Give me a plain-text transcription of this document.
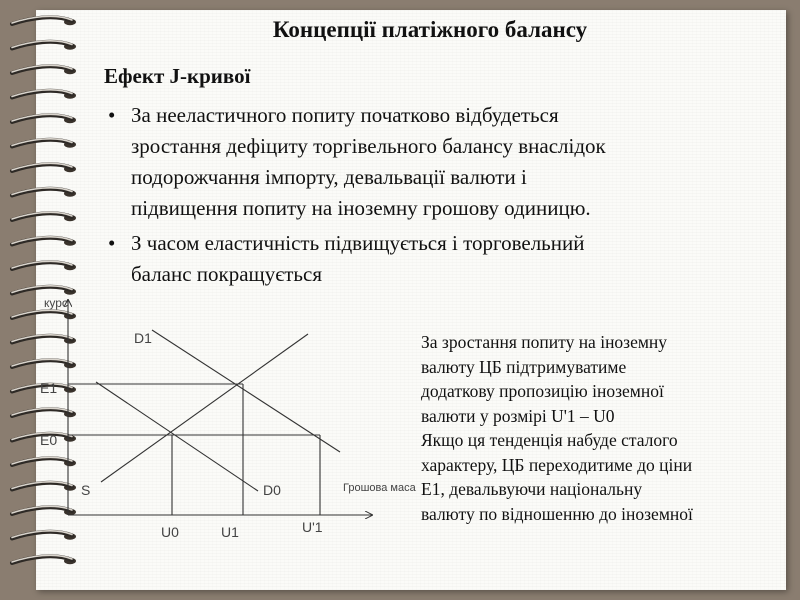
Концепції платіжного балансу
Ефект J-кривої
• За нееластичного попиту початково відбудеться
зростання дефіциту торгівельного балансу внаслідок
подорожчання імпорту, девальвації валюти і
підвищення попиту на іноземну грошову одиницю.
• З часом еластичність підвищується і торговельний
баланс покращується
курс
Грошова маса
D1
D0
S
E1
E0
U0	U1	U'1
За зростання попиту на іноземну
валюту ЦБ підтримуватиме
додаткову пропозицію іноземної
валюти у розмірі U'1 – U0
Якщо ця тенденція набуде сталого
характеру, ЦБ переходитиме до ціни
Е1, девальвуючи національну
валюту по відношенню до іноземної
